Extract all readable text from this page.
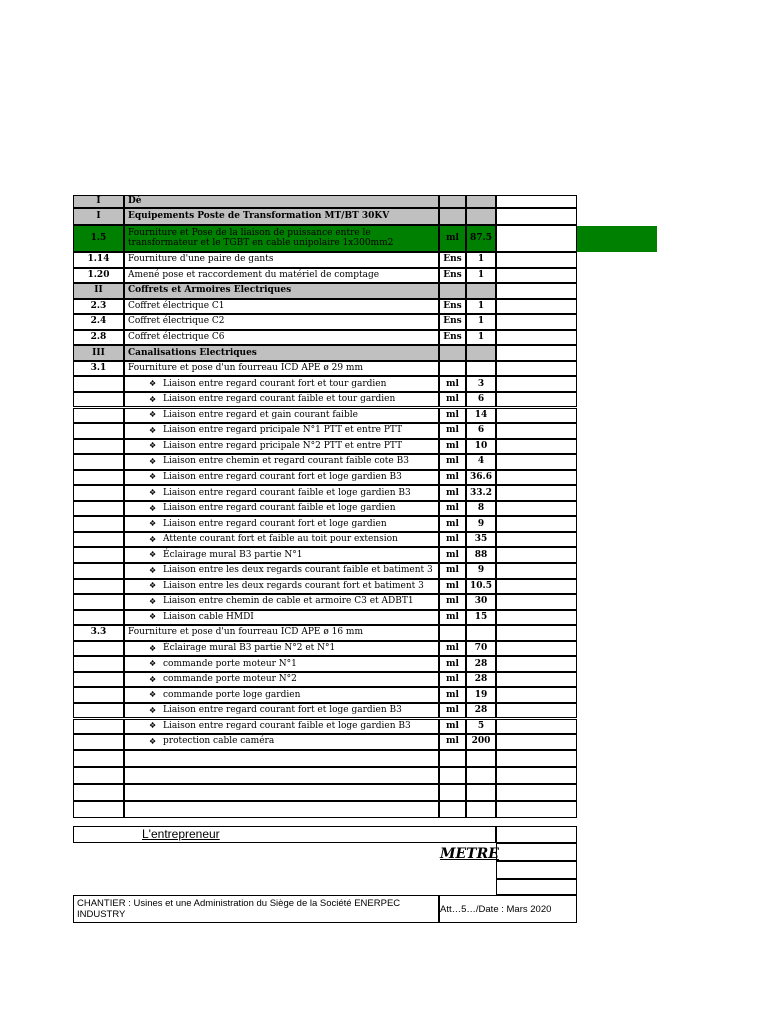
I	Dé
I	Equipements Poste de Transformation MT/BT 30KV
1.5 Fourniture et Pose de la liaison de puissance entre le transformateur et le TGBT en cable unipolaire 1x300mm2	ml 87.5
1.14 Fourniture d'une paire de gants	Ens 1
1.20 Amené pose et raccordement du matériel de comptage	Ens 1
II	Coffrets et Armoires Electriques
2.3 Coffret électrique C1	Ens 1
2.4 Coffret électrique C2	Ens 1
2.8 Coffret électrique C6	Ens 1
III	Canalisations Electriques
3.1 Fourniture et pose d'un fourreau ICD APE ø 29 mm
❖ Liaison entre regard courant fort et tour gardien	ml 3
❖ Liaison entre regard courant faible et tour gardien	ml 6
❖ Liaison entre regard et gain courant faible	ml 14
❖ Liaison entre regard pricipale N°1 PTT et entre PTT	ml 6
❖ Liaison entre regard pricipale N°2 PTT et entre PTT	ml 10
❖ Liaison entre chemin et regard courant faible cote B3	ml 4
❖ Liaison entre regard courant fort et loge gardien B3	ml 36.6
❖ Liaison entre regard courant faible et loge gardien B3	ml 33.2
❖ Liaison entre regard courant faible et loge gardien	ml 8
❖ Liaison entre regard courant fort et loge gardien	ml 9
❖ Attente courant fort et faible au toit pour extension	ml 35
❖ Éclairage mural B3 partie N°1	ml 88
❖ Liaison entre les deux regards courant faible et batiment 3 ml 9
❖ Liaison entre les deux regards courant fort et batiment 3 ml 10.5
❖ Liaison entre chemin de cable et armoire C3 et ADBT1	ml 30
❖ Liaison cable HMDI	ml 15
3.3 Fourniture et pose d'un fourreau ICD APE ø 16 mm
❖ Éclairage mural B3 partie N°2 et N°1	ml 70
❖ commande porte moteur N°1	ml 28
❖ commande porte moteur N°2	ml 28
❖ commande porte loge gardien	ml 19
❖ Liaison entre regard courant fort et loge gardien B3	ml 28
❖ Liaison entre regard courant faible et loge gardien B3	ml 5
❖ protection cable caméra	ml 200
L'entrepreneur
METRE
CHANTIER : Usines et une Administration du Siège de la Société ENERPEC INDUSTRY	Att…5…/Date : Mars 2020
